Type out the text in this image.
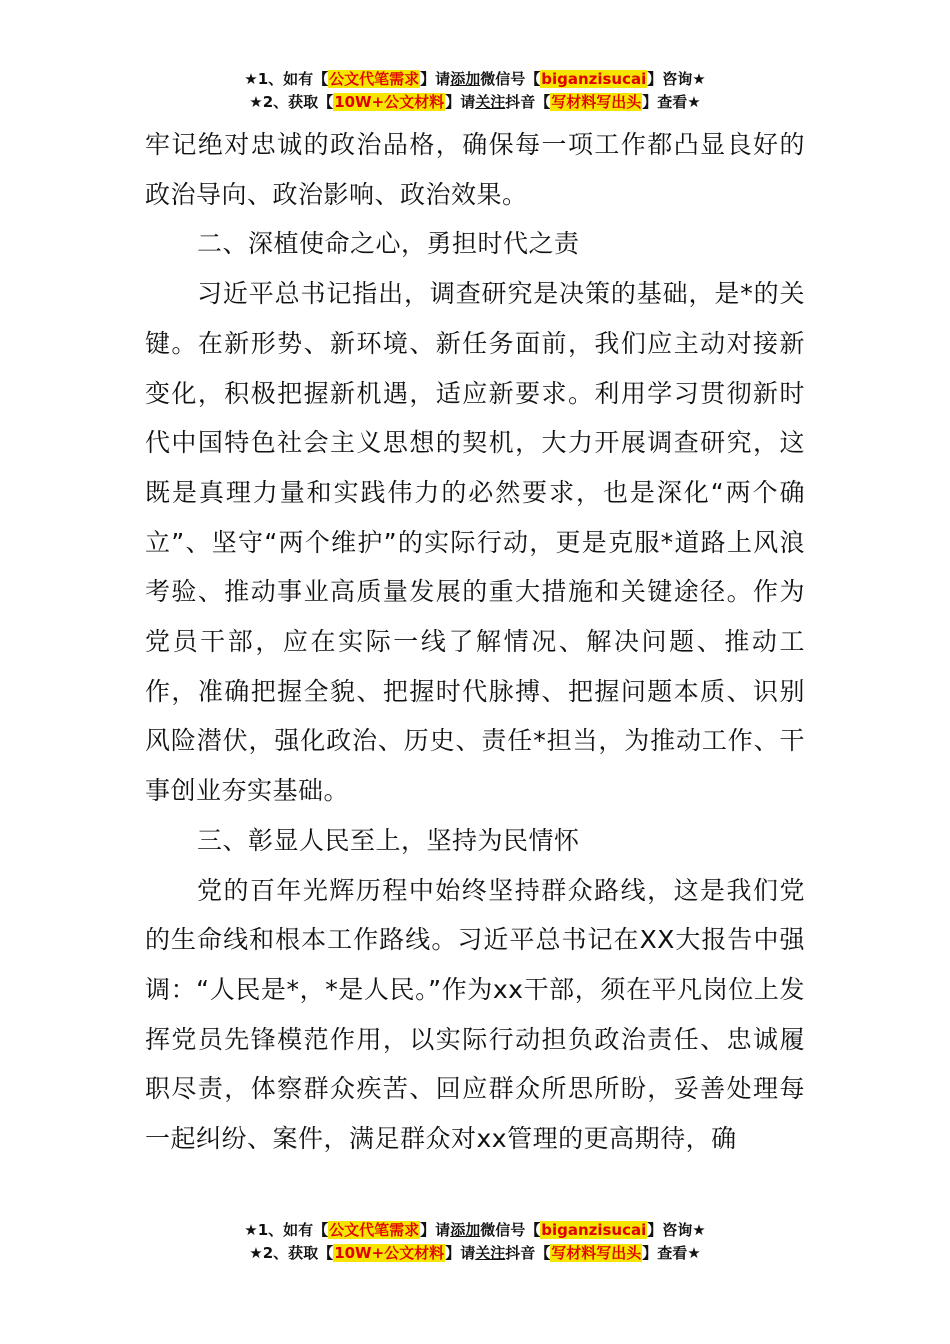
★1、如有【公文代笔需求】请添加微信号【biganzisucai】咨询★
★2、获取【10W+公文材料】请关注抖音【写材料写出头】查看★

牢记绝对忠诚的政治品格，确保每一项工作都凸显良好的政治导向、政治影响、政治效果。

二、深植使命之心，勇担时代之责

习近平总书记指出，调查研究是决策的基础，是*的关键。在新形势、新环境、新任务面前，我们应主动对接新变化，积极把握新机遇，适应新要求。利用学习贯彻新时代中国特色社会主义思想的契机，大力开展调查研究，这既是真理力量和实践伟力的必然要求，也是深化“两个确立”、坚守“两个维护”的实际行动，更是克服*道路上风浪考验、推动事业高质量发展的重大措施和关键途径。作为党员干部，应在实际一线了解情况、解决问题、推动工作，准确把握全貌、把握时代脉搏、把握问题本质、识别风险潜伏，强化政治、历史、责任*担当，为推动工作、干事创业夯实基础。

三、彰显人民至上，坚持为民情怀

党的百年光辉历程中始终坚持群众路线，这是我们党的生命线和根本工作路线。习近平总书记在XX大报告中强调：“人民是*，*是人民。”作为xx干部，须在平凡岗位上发挥党员先锋模范作用，以实际行动担负政治责任、忠诚履职尽责，体察群众疾苦、回应群众所思所盼，妥善处理每一起纠纷、案件，满足群众对xx管理的更高期待，确

★1、如有【公文代笔需求】请添加微信号【biganzisucai】咨询★
★2、获取【10W+公文材料】请关注抖音【写材料写出头】查看★
